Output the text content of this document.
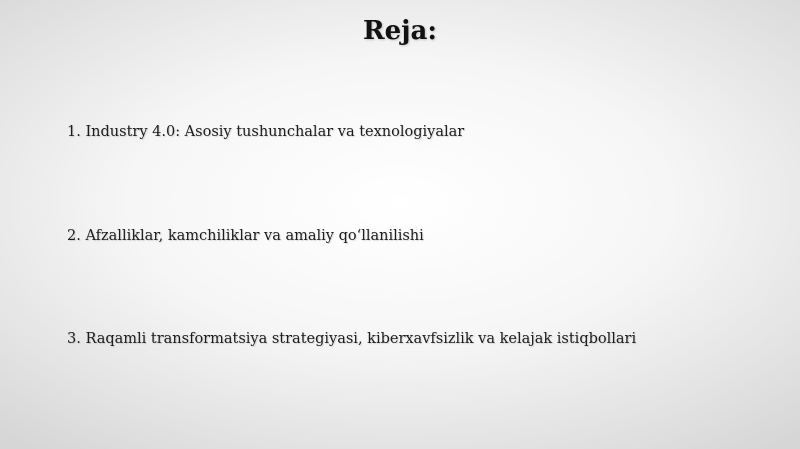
Reja:

1. Industry 4.0: Asosiy tushunchalar va texnologiyalar

2. Afzalliklar, kamchiliklar va amaliy qo‘llanilishi

3. Raqamli transformatsiya strategiyasi, kiberxavfsizlik va kelajak istiqbollari
